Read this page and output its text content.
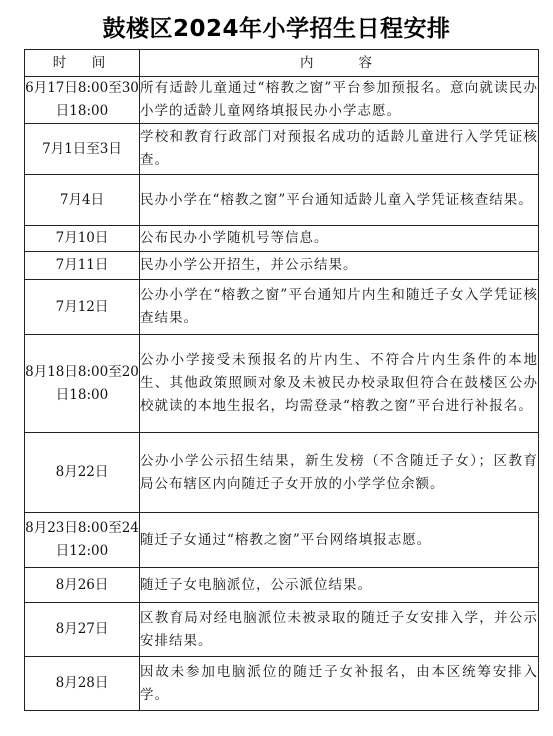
鼓楼区2024年小学招生日程安排
时　间	内　　容
6月17日8:00至30日18:00	所有适龄儿童通过“榕教之窗”平台参加预报名。意向就读民办小学的适龄儿童网络填报民办小学志愿。
7月1日至3日	学校和教育行政部门对预报名成功的适龄儿童进行入学凭证核查。
7月4日	民办小学在“榕教之窗”平台通知适龄儿童入学凭证核查结果。
7月10日	公布民办小学随机号等信息。
7月11日	民办小学公开招生，并公示结果。
7月12日	公办小学在“榕教之窗”平台通知片内生和随迁子女入学凭证核查结果。
8月18日8:00至20日18:00	公办小学接受未预报名的片内生、不符合片内生条件的本地生、其他政策照顾对象及未被民办校录取但符合在鼓楼区公办校就读的本地生报名，均需登录“榕教之窗”平台进行补报名。
8月22日	公办小学公示招生结果，新生发榜（不含随迁子女）；区教育局公布辖区内向随迁子女开放的小学学位余额。
8月23日8:00至24日12:00	随迁子女通过“榕教之窗”平台网络填报志愿。
8月26日	随迁子女电脑派位，公示派位结果。
8月27日	区教育局对经电脑派位未被录取的随迁子女安排入学，并公示安排结果。
8月28日	因故未参加电脑派位的随迁子女补报名，由本区统筹安排入学。
